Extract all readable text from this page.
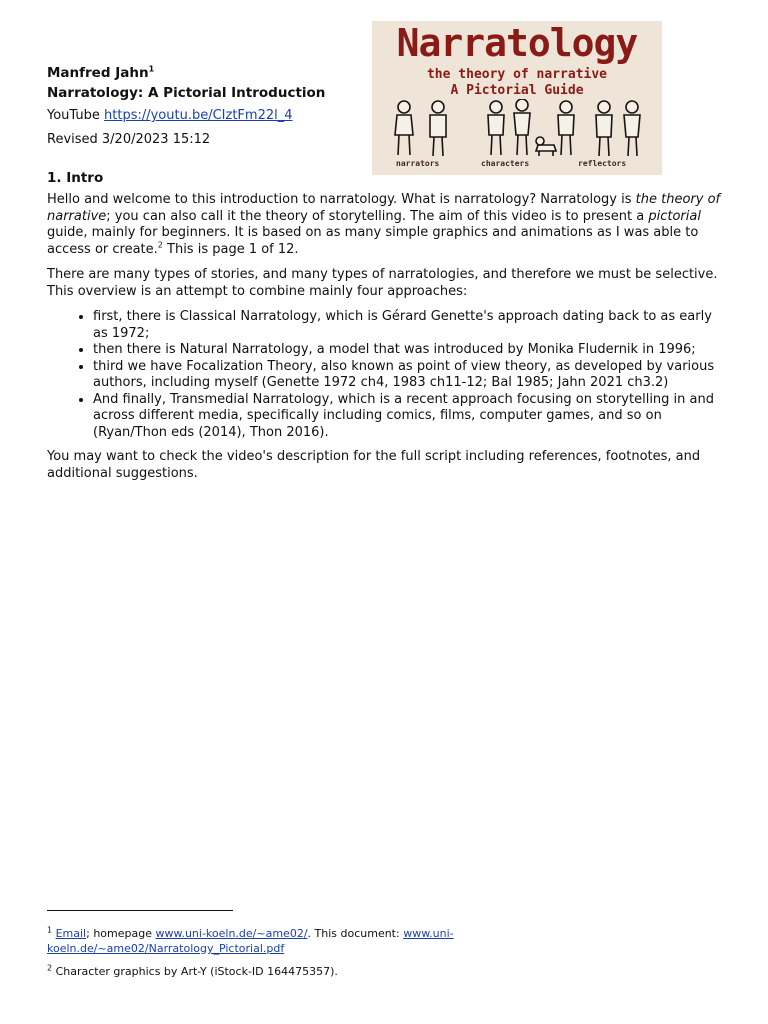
Manfred Jahn$^1$
Narratology: A Pictorial Introduction
YouTube https://youtu.be/CIztFm22l_4
Revised 3/20/2023 15:12
Narratology
the theory of narrative
A Pictorial Guide
narrators	characters	reflectors
1. Intro
Hello and welcome to this introduction to narratology. What is narratology? Narratology is the theory of narrative; you can also call it the theory of storytelling. The aim of this video is to present a pictorial guide, mainly for beginners. It is based on as many simple graphics and animations as I was able to access or create.$^2$ This is page 1 of 12.
There are many types of stories, and many types of narratologies, and therefore we must be selective. This overview is an attempt to combine mainly four approaches:
• first, there is Classical Narratology, which is Gérard Genette's approach dating back to as early as 1972;
• then there is Natural Narratology, a model that was introduced by Monika Fludernik in 1996;
• third we have Focalization Theory, also known as point of view theory, as developed by various authors, including myself (Genette 1972 ch4, 1983 ch11-12; Bal 1985; Jahn 2021 ch3.2)
• And finally, Transmedial Narratology, which is a recent approach focusing on storytelling in and across different media, specifically including comics, films, computer games, and so on (Ryan/Thon eds (2014), Thon 2016).
You may want to check the video's description for the full script including references, footnotes, and additional suggestions.
$^1$ Email; homepage www.uni-koeln.de/~ame02/. This document: www.uni-koeln.de/~ame02/Narratology_Pictorial.pdf
$^2$ Character graphics by Art-Y (iStock-ID 164475357).
